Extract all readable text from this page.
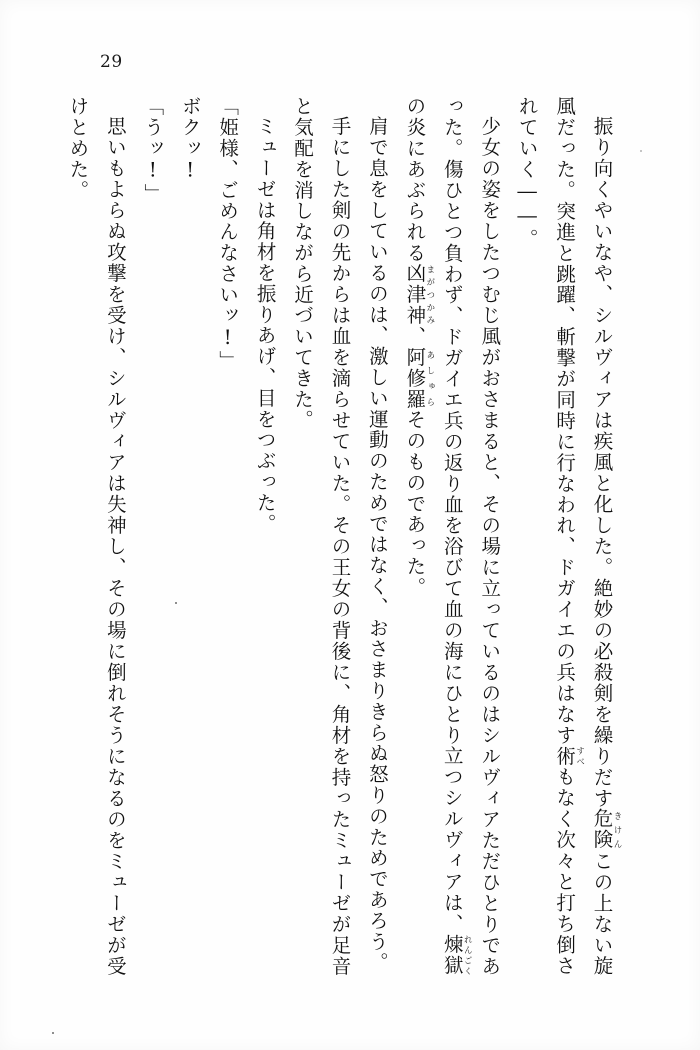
29

振り向くやいなや、シルヴィアは疾風と化した。絶妙の必殺剣を繰りだす危険きけんこの上ない旋風だった。突進と跳躍、斬撃が同時に行なわれ、ドガイエの兵はなす術すべもなく次々と打ち倒されていく――。

少女の姿をしたつむじ風がおさまると、その場に立っているのはシルヴィアただひとりであった。傷ひとつ負わず、ドガイエ兵の返り血を浴びて血の海にひとり立つシルヴィアは、煉獄れんごくの炎にあぶられる凶津神まがつかみ、阿修羅あしゅらそのものであった。

肩で息をしているのは、激しい運動のためではなく、おさまりきらぬ怒りのためであろう。

手にした剣の先からは血を滴らせていた。その王女の背後に、角材を持ったミューゼが足音と気配を消しながら近づいてきた。

ミューゼは角材を振りあげ、目をつぶった。

「姫様、ごめんなさいッ!」

ボクッ!

「うッ!」

思いもよらぬ攻撃を受け、シルヴィアは失神し、その場に倒れそうになるのをミューゼが受けとめた。
